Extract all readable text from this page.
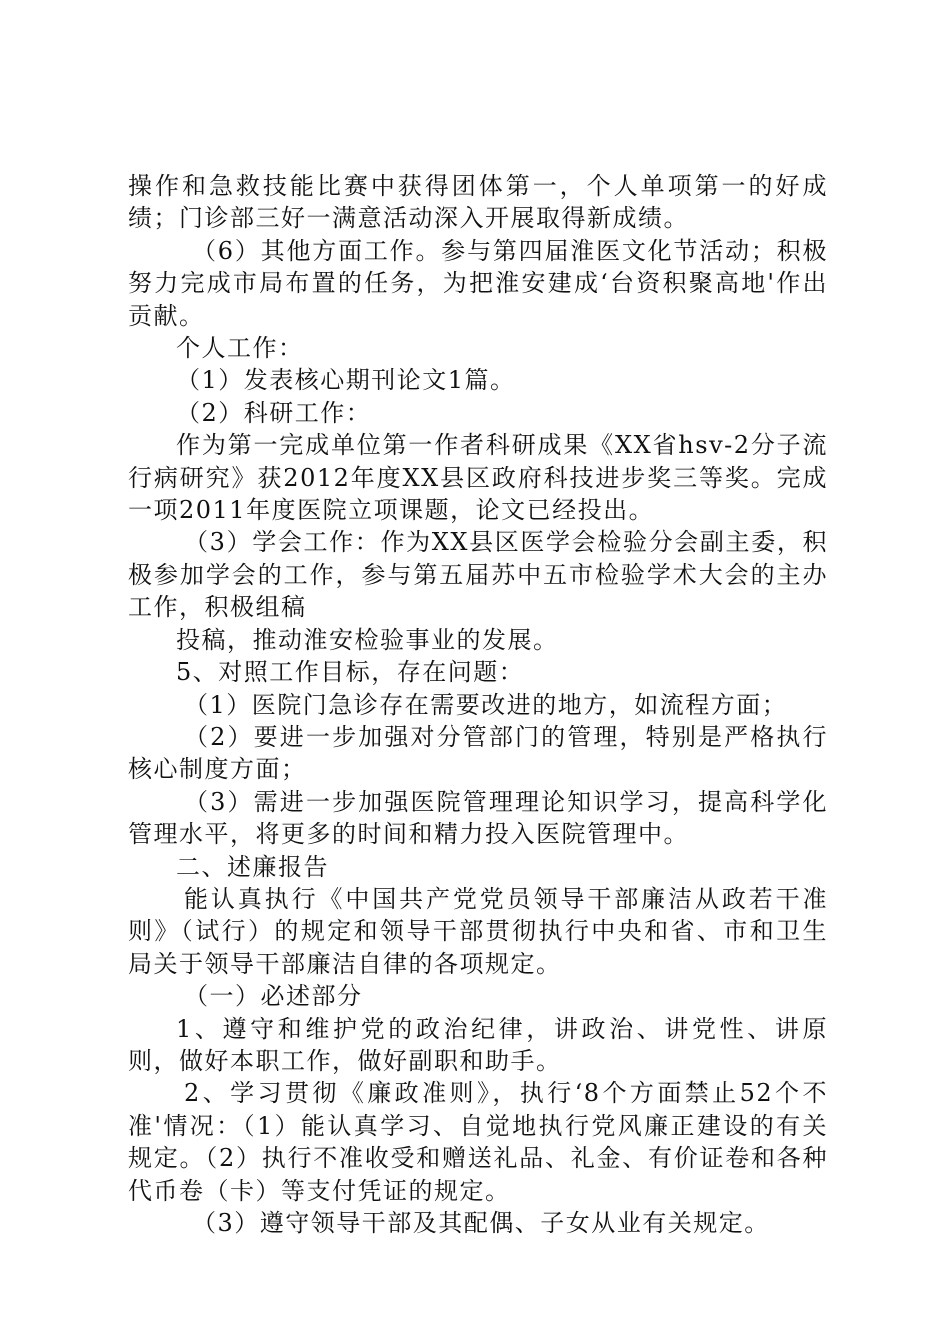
操作和急救技能比赛中获得团体第一，个人单项第一的好成绩；门诊部三好一满意活动深入开展取得新成绩。

（6）其他方面工作。参与第四届淮医文化节活动；积极努力完成市局布置的任务，为把淮安建成‘台资积聚高地'作出贡献。

个人工作：

（1）发表核心期刊论文1篇。

（2）科研工作：

作为第一完成单位第一作者科研成果《XX省hsv-2分子流行病研究》获2012年度XX县区政府科技进步奖三等奖。完成一项2011年度医院立项课题，论文已经投出。

（3）学会工作：作为XX县区医学会检验分会副主委，积极参加学会的工作，参与第五届苏中五市检验学术大会的主办工作，积极组稿

投稿，推动淮安检验事业的发展。

5、对照工作目标，存在问题：

（1）医院门急诊存在需要改进的地方，如流程方面；

（2）要进一步加强对分管部门的管理，特别是严格执行核心制度方面；

（3）需进一步加强医院管理理论知识学习，提高科学化管理水平，将更多的时间和精力投入医院管理中。

二、述廉报告

能认真执行《中国共产党党员领导干部廉洁从政若干准则》（试行）的规定和领导干部贯彻执行中央和省、市和卫生局关于领导干部廉洁自律的各项规定。

（一）必述部分

1、遵守和维护党的政治纪律，讲政治、讲党性、讲原则，做好本职工作，做好副职和助手。

2、学习贯彻《廉政准则》，执行‘8个方面禁止52个不准'情况：（1）能认真学习、自觉地执行党风廉正建设的有关规定。（2）执行不准收受和赠送礼品、礼金、有价证卷和各种代币卷（卡）等支付凭证的规定。

（3）遵守领导干部及其配偶、子女从业有关规定。
